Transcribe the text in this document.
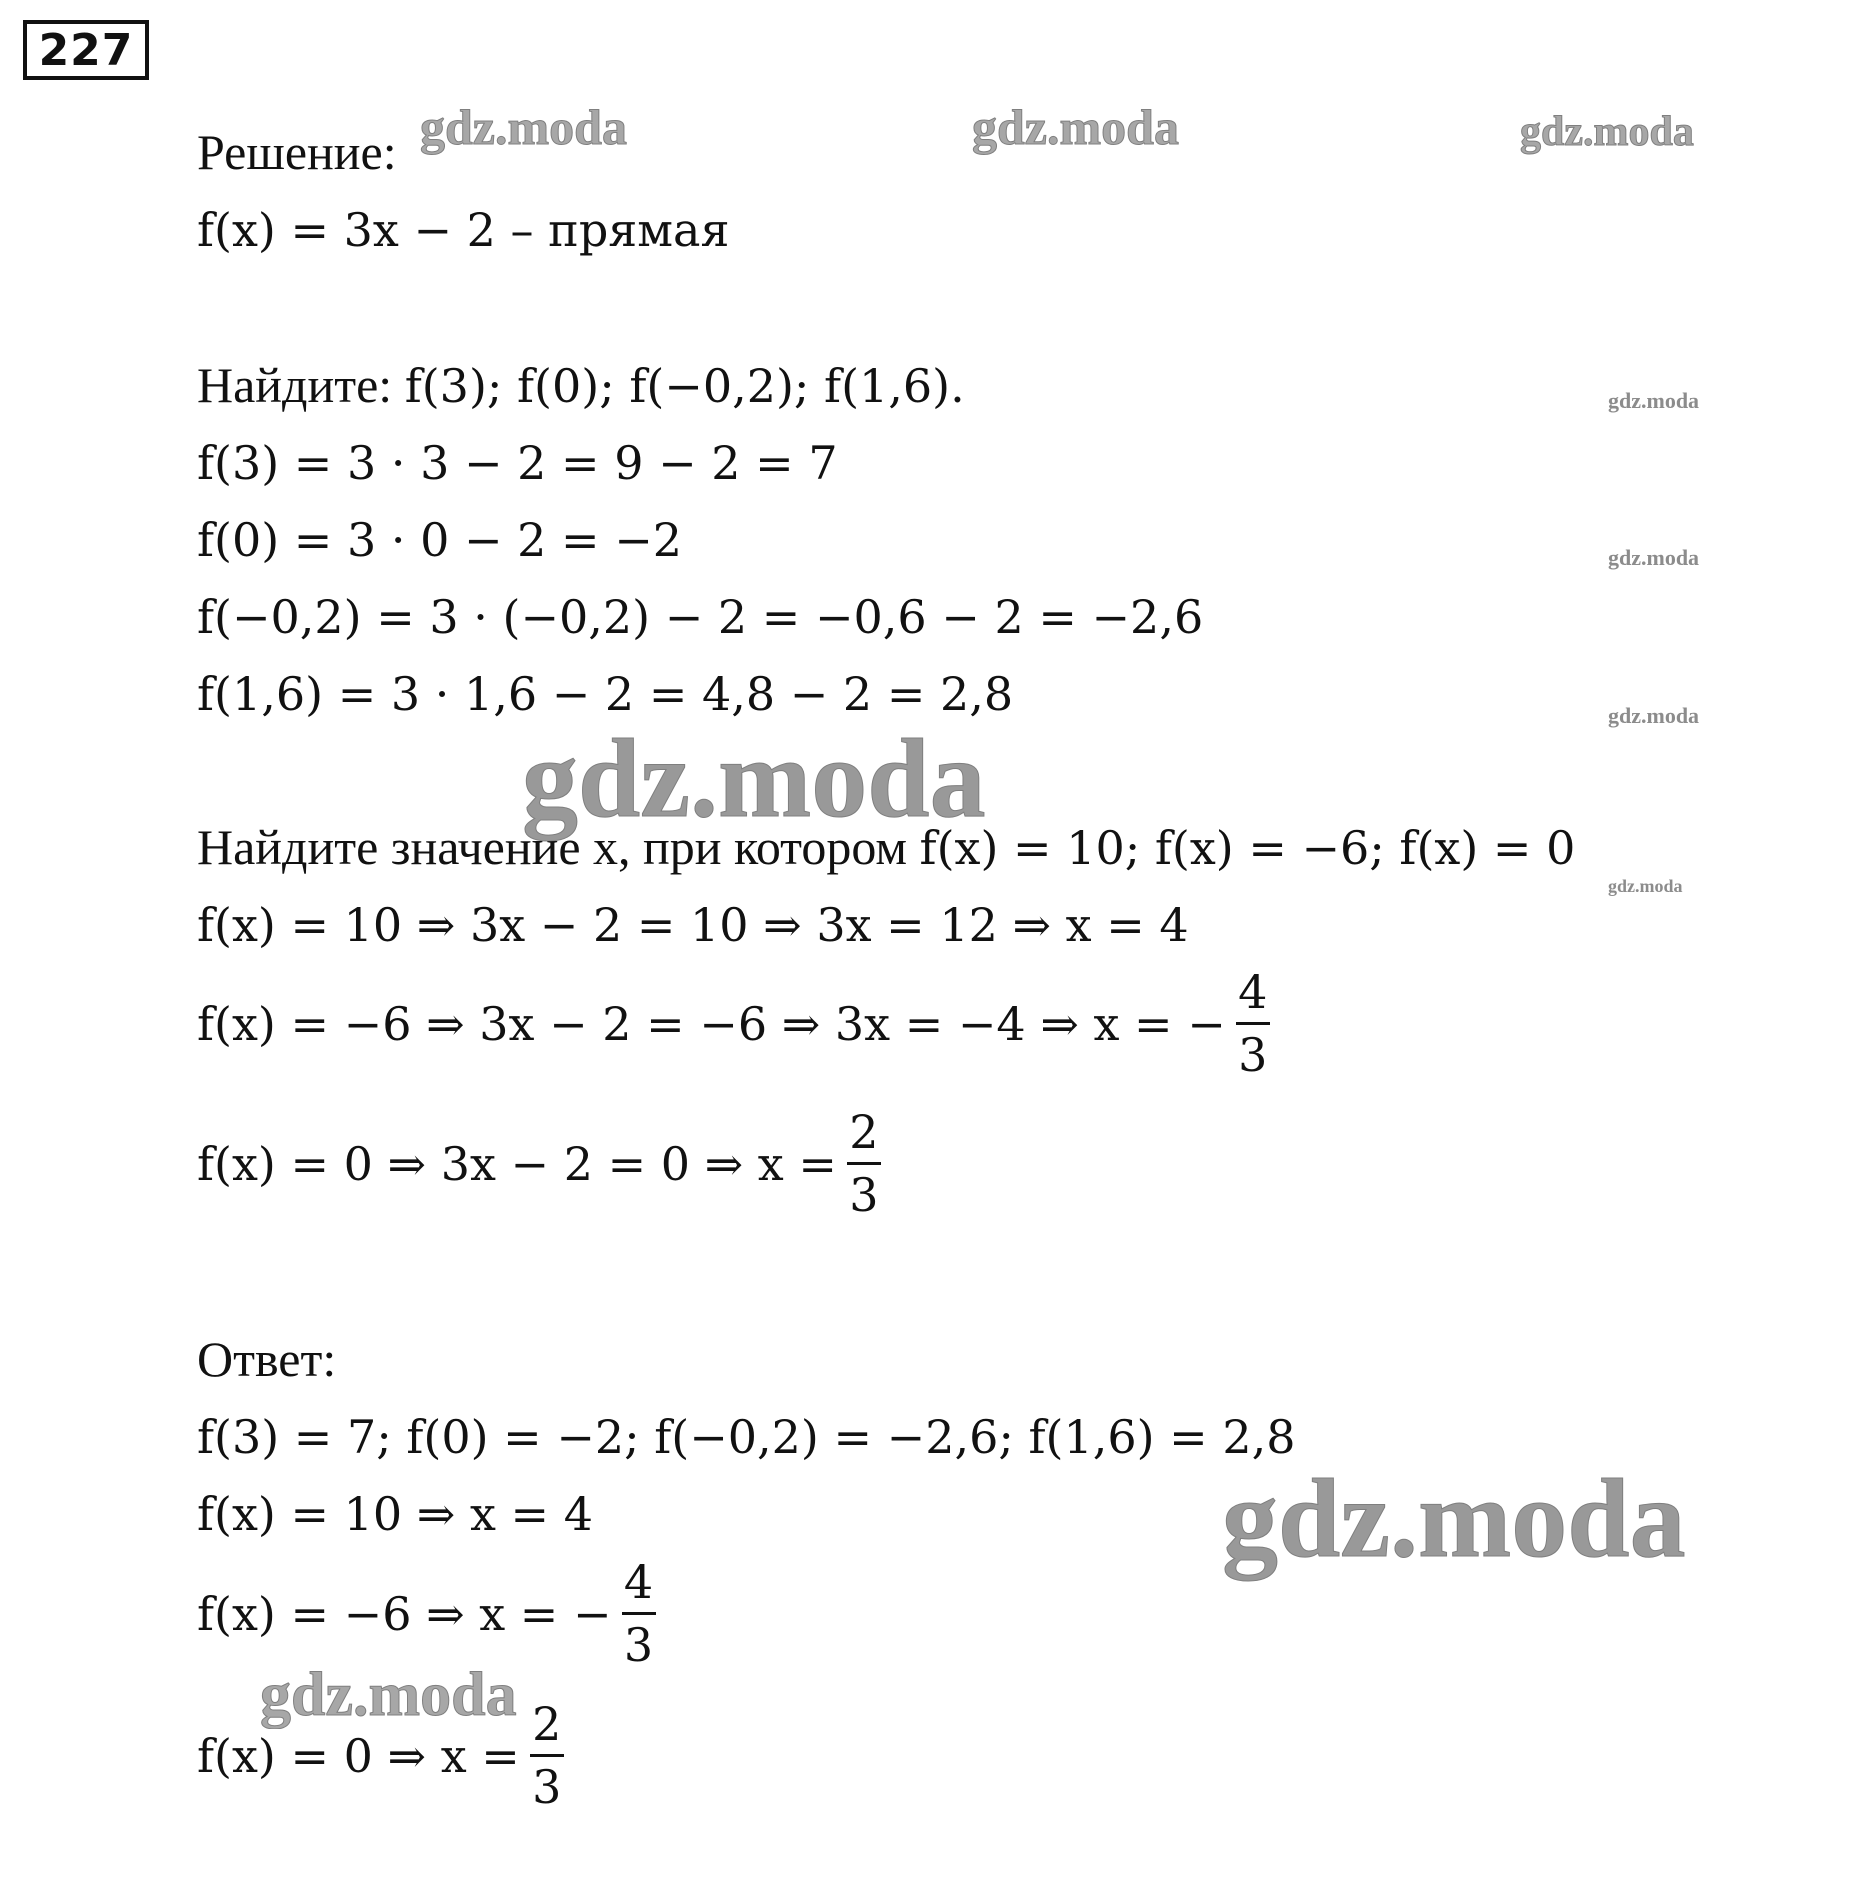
227
Решение:
f(x) = 3x − 2 – прямая
Найдите: f(3); f(0); f(−0,2); f(1,6).
f(3) = 3 · 3 − 2 = 9 − 2 = 7
f(0) = 3 · 0 − 2 = −2
f(−0,2) = 3 · (−0,2) − 2 = −0,6 − 2 = −2,6
f(1,6) = 3 · 1,6 − 2 = 4,8 − 2 = 2,8
Найдите значение x, при котором f(x) = 10; f(x) = −6; f(x) = 0
f(x) = 10 ⇒ 3x − 2 = 10 ⇒ 3x = 12 ⇒ x = 4
f(x) = −6 ⇒ 3x − 2 = −6 ⇒ 3x = −4 ⇒ x = − $\frac{4}{3}$
f(x) = 0 ⇒ 3x − 2 = 0 ⇒ $x = \frac{2}{3}$
Ответ:
f(3) = 7; f(0) = −2; f(−0,2) = −2,6; f(1,6) = 2,8
f(x) = 10 ⇒ x = 4
f(x) = −6 ⇒ x = − $\frac{4}{3}$
f(x) = 0 ⇒ $x = \frac{2}{3}$
gdz.moda	gdz.moda	gdz.moda
gdz.moda
gdz.moda
gdz.moda
gdz.moda
gdz.moda
gdz.moda
gdz.moda
